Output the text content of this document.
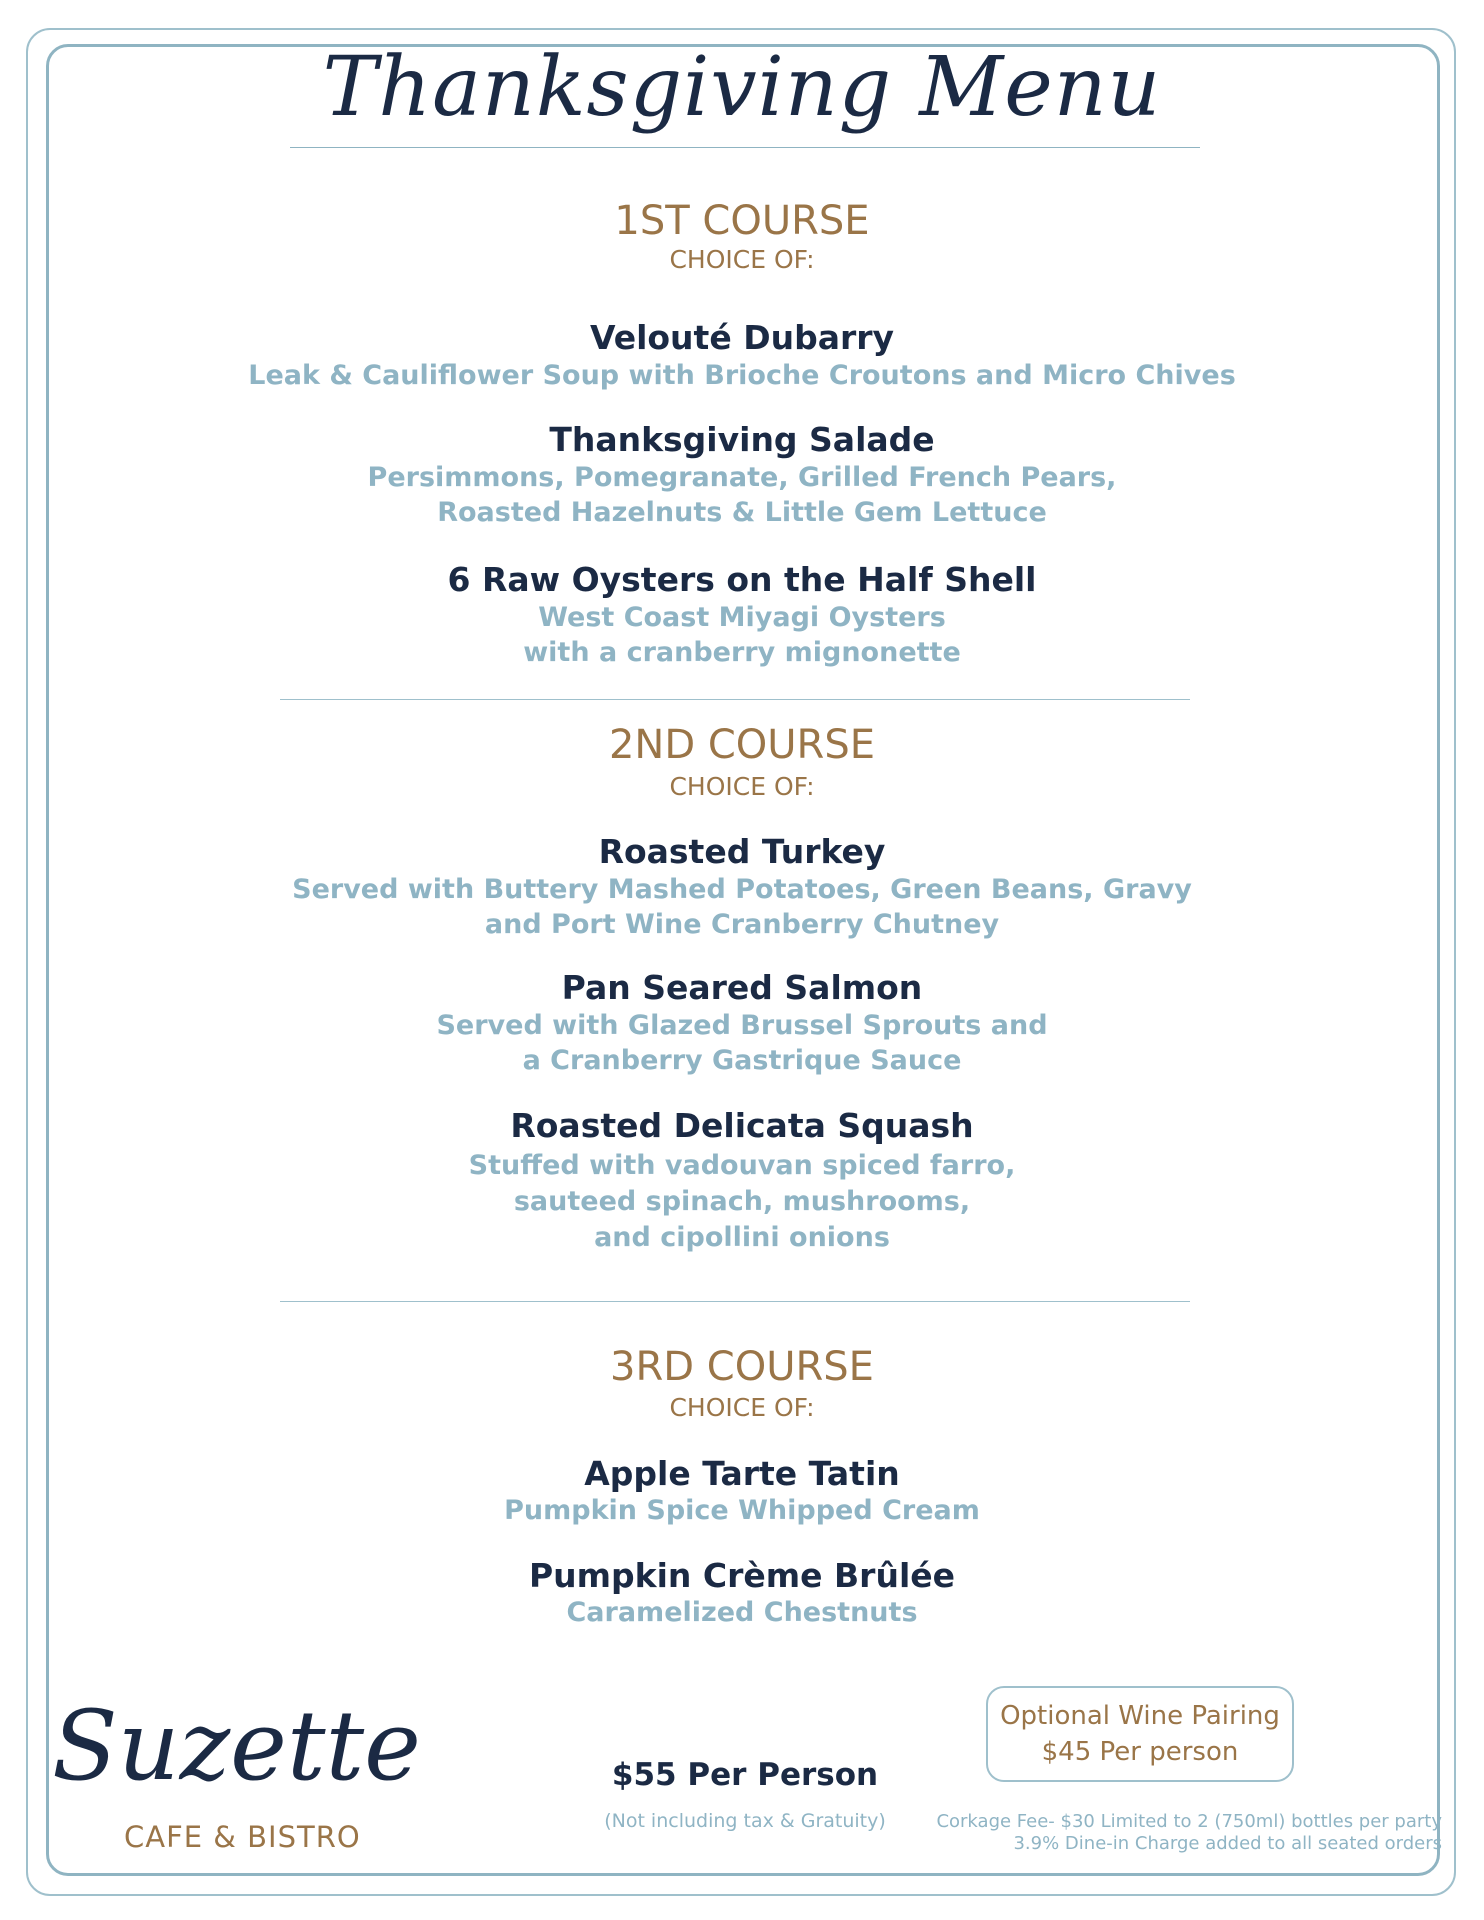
Thanksgiving Menu
1ST COURSE
CHOICE OF:
Velouté Dubarry
Leak & Cauliflower Soup with Brioche Croutons and Micro Chives
Thanksgiving Salade
Persimmons, Pomegranate, Grilled French Pears,
Roasted Hazelnuts & Little Gem Lettuce
6 Raw Oysters on the Half Shell
West Coast Miyagi Oysters
with a cranberry mignonette
2ND COURSE
CHOICE OF:
Roasted Turkey
Served with Buttery Mashed Potatoes, Green Beans, Gravy
and Port Wine Cranberry Chutney
Pan Seared Salmon
Served with Glazed Brussel Sprouts and
a Cranberry Gastrique Sauce
Roasted Delicata Squash
Stuffed with vadouvan spiced farro,
sauteed spinach, mushrooms,
and cipollini onions
3RD COURSE
CHOICE OF:
Apple Tarte Tatin
Pumpkin Spice Whipped Cream
Pumpkin Crème Brûlée
Caramelized Chestnuts
Suzette
CAFE & BISTRO
Optional Wine Pairing
$45 Per person
$55 Per Person
(Not including tax & Gratuity)	Corkage Fee- $30 Limited to 2 (750ml) bottles per party
3.9% Dine-in Charge added to all seated orders
